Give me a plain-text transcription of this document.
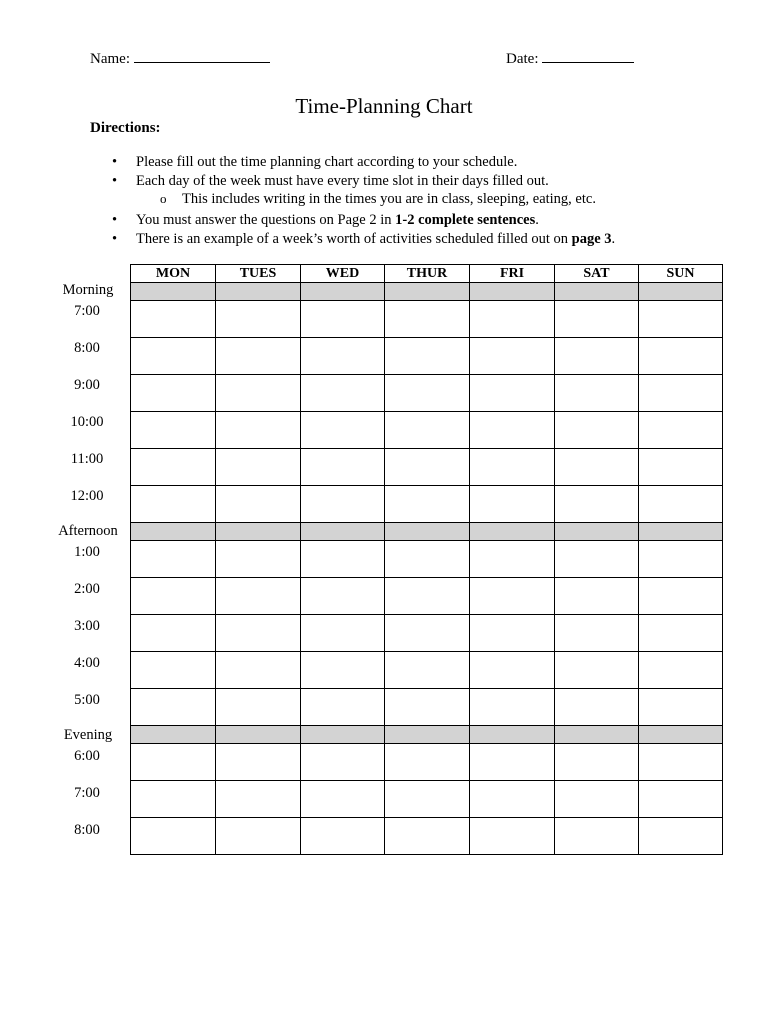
Name:	Date:
Time-Planning Chart
Directions:
• Please fill out the time planning chart according to your schedule.
• Each day of the week must have every time slot in their days filled out.
o This includes writing in the times you are in class, sleeping, eating, etc.
• You must answer the questions on Page 2 in 1-2 complete sentences.
• There is an example of a week’s worth of activities scheduled filled out on page 3.
MON	TUES	WED	THUR	FRI	SAT	SUN

Morning
7:00
8:00
9:00
10:00
11:00
12:00
Afternoon
1:00
2:00
3:00
4:00
5:00
Evening
6:00
7:00
8:00
